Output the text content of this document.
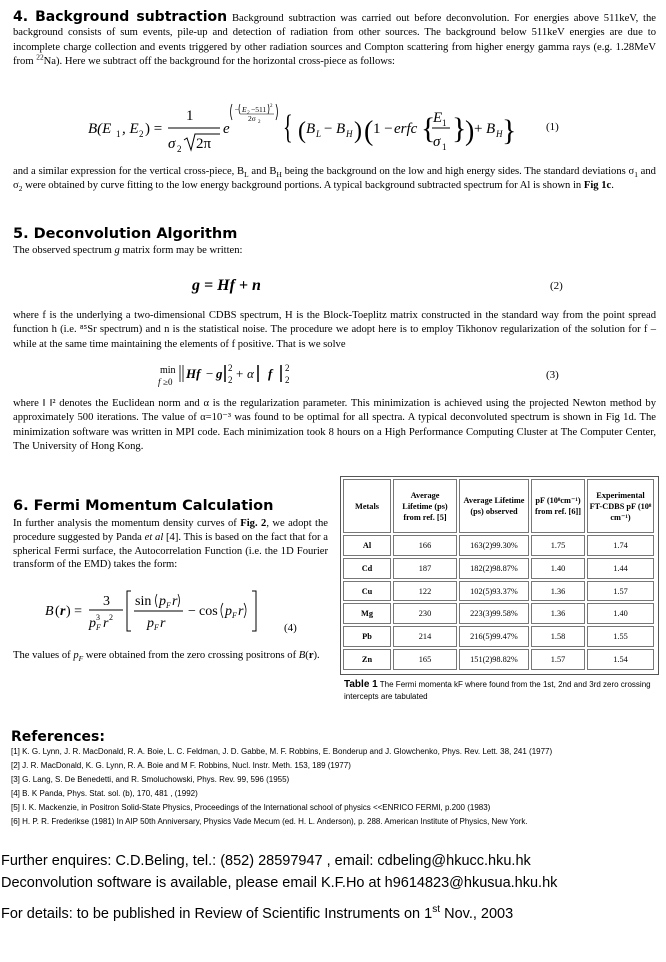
4. Background subtraction Background subtraction was carried out before deconvolution. For energies above 511keV, the background consists of sum events, pile-up and detection of radiation from other sources. The background below 511keV energies are due to incomplete charge collection and events triggered by other radiation sources and Compton scattering from higher energy gamma rays (e.g. 1.28MeV from $^{22}$Na). Here we subtract off the background for the horizontal cross-piece as follows:
B(E 1 , E 2 ) =
1
σ 2 2π
e
− E 2 −511 2
2σ 2 { ( B L − B H ) ( 1 − erfc {
E 1
σ 1
}
) + B H }	(1)
and a similar expression for the vertical cross-piece, $B_L$ and $B_H$ being the background on the low and high energy sides. The standard deviations $\sigma_1$ and $\sigma_2$ were obtained by curve fitting to the low energy background portions. A typical background subtracted spectrum for Al is shown in Fig 1c.
5. Deconvolution Algorithm
The observed spectrum g matrix form may be written:
g = Hf + n	(2)
where f is the underlying a two-dimensional CDBS spectrum, H is the Block-Toeplitz matrix constructed in the standard way from the point spread function h (i.e. ⁸⁵Sr spectrum) and n is the statistical noise. The procedure we adopt here is to employ Tikhonov regularization of the solution for f – while at the same time maintaining the elements of f positive. That is we solve
min
f ≥0
Hf − g 2
2 + α f 2
2	(3)
where ‖ ‖² denotes the Euclidean norm and α is the regularization parameter. This minimization is achieved using the projected Newton method by approximately 500 iterations. The value of α=10⁻³ was found to be optimal for all spectra. A typical deconvoluted spectrum is shown in Fig 1d. The minimization software was written in MPI code. Each minimization took 8 hours on a High Performance Computing Cluster at The Computer Center, The University of Hong Kong.
6. Fermi Momentum Calculation
In further analysis the momentum density curves of Fig. 2, we adopt the procedure suggested by Panda et al [4]. This is based on the fact that for a spherical Fermi surface, the Autocorrelation Function (i.e. the 1D Fourier transform of the EMD) takes the form:
B ( r ) =
3
p 3
F r 2
sin p F r
p F r
− cos p F r
(4)
The values of $p_F$ were obtained from the zero crossing positrons of B(r).
Metals	Average Lifetime (ps) from ref. [5]	Average Lifetime (ps) observed	pF (10⁸cm⁻¹) from ref. [6]]	Experimental FT-CDBS pF (10⁸ cm⁻¹)
Al	166	163(2)99.30%	1.75	1.74
Cd	187	182(2)98.87%	1.40	1.44
Cu	122	102(5)93.37%	1.36	1.57
Mg	230	223(3)99.58%	1.36	1.40
Pb	214	216(5)99.47%	1.58	1.55
Zn	165	151(2)98.82%	1.57	1.54
Table 1 The Fermi momenta kF where found from the 1st, 2nd and 3rd zero crossing intercepts are tabulated
References:
[1] K. G. Lynn, J. R. MacDonald, R. A. Boie, L. C. Feldman, J. D. Gabbe, M. F. Robbins, E. Bonderup and J. Glowchenko, Phys. Rev. Lett. 38, 241 (1977)
[2] J. R. MacDonald, K. G. Lynn, R. A. Boie and M F. Robbins, Nucl. Instr. Meth. 153, 189 (1977)
[3] G. Lang, S. De Benedetti, and R. Smoluchowski, Phys. Rev. 99, 596 (1955)
[4] B. K Panda, Phys. Stat. sol. (b), 170, 481 , (1992)
[5] I. K. Mackenzie, in Positron Solid-State Physics, Proceedings of the International school of physics <<ENRICO FERMI, p.200 (1983)
[6] H. P. R. Frederikse (1981) In AIP 50th Anniversary, Physics Vade Mecum (ed. H. L. Anderson), p. 288. American Institute of Physics, New York.
Further enquires: C.D.Beling, tel.: (852) 28597947 , email: cdbeling@hkucc.hku.hk
Deconvolution software is available, please email K.F.Ho at h9614823@hkusua.hku.hk
For details: to be published in Review of Scientific Instruments on 1st Nov., 2003
